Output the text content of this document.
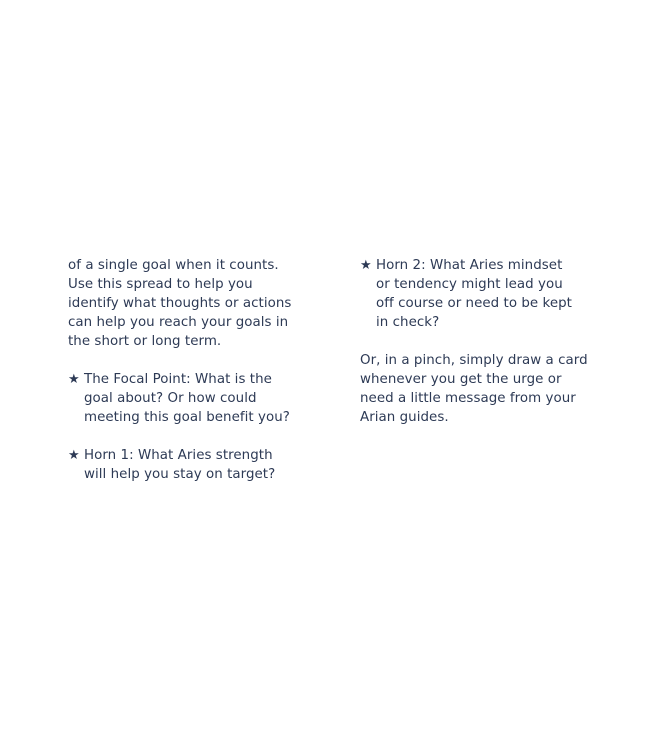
of a single goal when it counts.
Use this spread to help you
identify what thoughts or actions
can help you reach your goals in
the short or long term.
★ The Focal Point: What is the
goal about? Or how could
meeting this goal benefit you?
★ Horn 1: What Aries strength
will help you stay on target?
★ Horn 2: What Aries mindset
or tendency might lead you
off course or need to be kept
in check?
Or, in a pinch, simply draw a card
whenever you get the urge or
need a little message from your
Arian guides.
